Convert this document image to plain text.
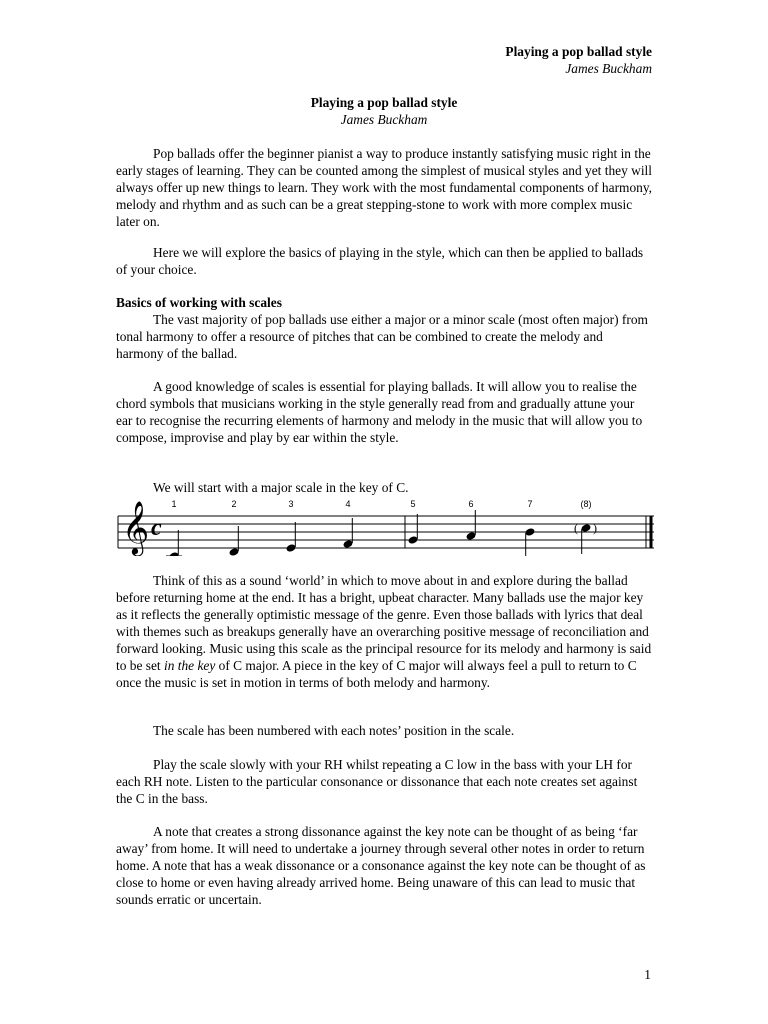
Playing a pop ballad style
James Buckham
Playing a pop ballad style
James Buckham

Pop ballads offer the beginner pianist a way to produce instantly satisfying music right in the early stages of learning. They can be counted among the simplest of musical styles and yet they will always offer up new things to learn. They work with the most fundamental components of harmony, melody and rhythm and as such can be a great stepping-stone to work with more complex music later on.

Here we will explore the basics of playing in the style, which can then be applied to ballads of your choice.

Basics of working with scales

The vast majority of pop ballads use either a major or a minor scale (most often major) from tonal harmony to offer a resource of pitches that can be combined to create the melody and harmony of the ballad.

A good knowledge of scales is essential for playing ballads. It will allow you to realise the chord symbols that musicians working in the style generally read from and gradually attune your ear to recognise the recurring elements of harmony and melody in the music that will allow you to compose, improvise and play by ear within the style.

We will start with a major scale in the key of C.

𝄞 c
1	2	3	4	5	6	7	(8)
( )

Think of this as a sound ‘world’ in which to move about in and explore during the ballad before returning home at the end. It has a bright, upbeat character. Many ballads use the major key as it reflects the generally optimistic message of the genre. Even those ballads with lyrics that deal with themes such as breakups generally have an overarching positive message of reconciliation and forward looking. Music using this scale as the principal resource for its melody and harmony is said to be set in the key of C major. A piece in the key of C major will always feel a pull to return to C once the music is set in motion in terms of both melody and harmony.

The scale has been numbered with each notes’ position in the scale.

Play the scale slowly with your RH whilst repeating a C low in the bass with your LH for each RH note. Listen to the particular consonance or dissonance that each note creates set against the C in the bass.

A note that creates a strong dissonance against the key note can be thought of as being ‘far away’ from home. It will need to undertake a journey through several other notes in order to return home. A note that has a weak dissonance or a consonance against the key note can be thought of as close to home or even having already arrived home. Being unaware of this can lead to music that sounds erratic or uncertain.

1
